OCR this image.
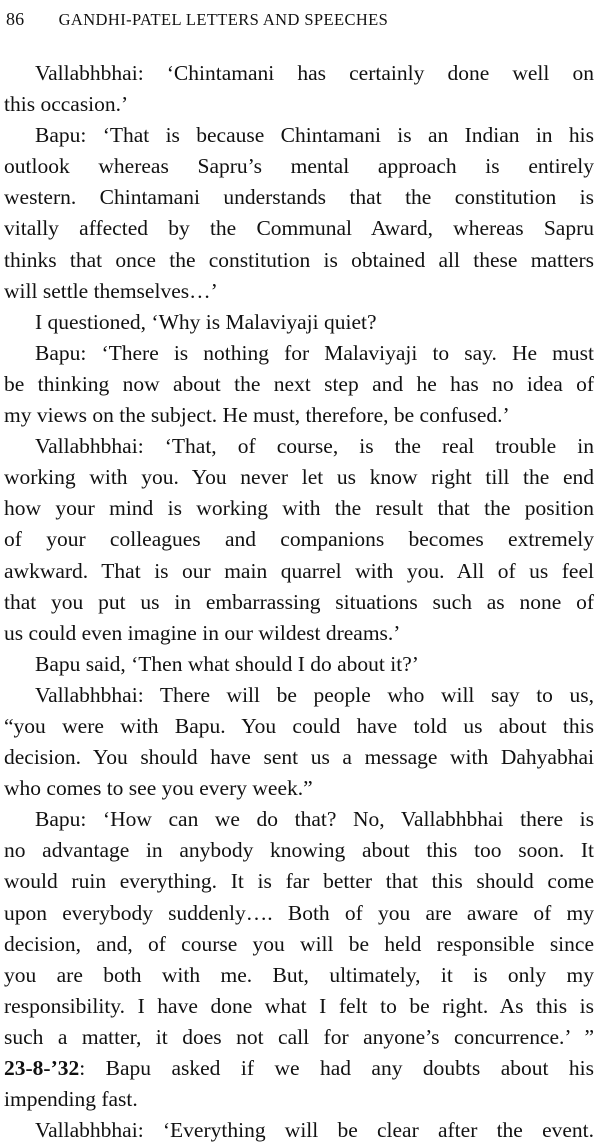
86 GANDHI-PATEL LETTERS AND SPEECHES
Vallabhbhai: ‘Chintamani has certainly done well on
this occasion.’
Bapu: ‘That is because Chintamani is an Indian in his
outlook whereas Sapru’s mental approach is entirely
western. Chintamani understands that the constitution is
vitally affected by the Communal Award, whereas Sapru
thinks that once the constitution is obtained all these matters
will settle themselves…’
I questioned, ‘Why is Malaviyaji quiet?
Bapu: ‘There is nothing for Malaviyaji to say. He must
be thinking now about the next step and he has no idea of
my views on the subject. He must, therefore, be confused.’
Vallabhbhai: ‘That, of course, is the real trouble in
working with you. You never let us know right till the end
how your mind is working with the result that the position
of your colleagues and companions becomes extremely
awkward. That is our main quarrel with you. All of us feel
that you put us in embarrassing situations such as none of
us could even imagine in our wildest dreams.’
Bapu said, ‘Then what should I do about it?’
Vallabhbhai: There will be people who will say to us,
“you were with Bapu. You could have told us about this
decision. You should have sent us a message with Dahyabhai
who comes to see you every week.”
Bapu: ‘How can we do that? No, Vallabhbhai there is
no advantage in anybody knowing about this too soon. It
would ruin everything. It is far better that this should come
upon everybody suddenly…. Both of you are aware of my
decision, and, of course you will be held responsible since
you are both with me. But, ultimately, it is only my
responsibility. I have done what I felt to be right. As this is
such a matter, it does not call for anyone’s concurrence.’ ”
23-8-’32: Bapu asked if we had any doubts about his
impending fast.
Vallabhbhai: ‘Everything will be clear after the event.
